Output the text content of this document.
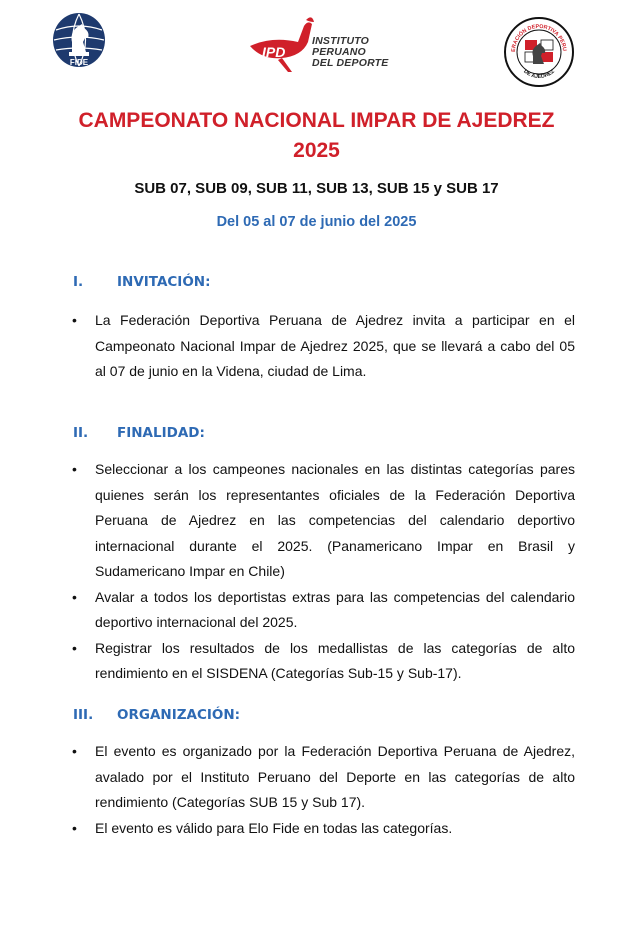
FIDE
IPD
INSTITUTO
PERUANO
DEL DEPORTE
ERACIÓN DEPORTIVA PERU
DE AJEDREZ
CAMPEONATO NACIONAL IMPAR DE AJEDREZ
2025
SUB 07, SUB 09, SUB 11, SUB 13, SUB 15 y SUB 17
Del 05 al 07 de junio del 2025
I.	INVITACIÓN:
• La Federación Deportiva Peruana de Ajedrez invita a participar en el Campeonato Nacional Impar de Ajedrez 2025, que se llevará a cabo del 05 al 07 de junio en la Videna, ciudad de Lima.
II. FINALIDAD:
• Seleccionar a los campeones nacionales en las distintas categorías pares quienes serán los representantes oficiales de la Federación Deportiva Peruana de Ajedrez en las competencias del calendario deportivo internacional durante el 2025. (Panamericano Impar en Brasil y Sudamericano Impar en Chile)
• Avalar a todos los deportistas extras para las competencias del calendario deportivo internacional del 2025.
• Registrar los resultados de los medallistas de las categorías de alto rendimiento en el SISDENA (Categorías Sub-15 y Sub-17).
III. ORGANIZACIÓN:
• El evento es organizado por la Federación Deportiva Peruana de Ajedrez, avalado por el Instituto Peruano del Deporte en las categorías de alto rendimiento (Categorías SUB 15 y Sub 17).
• El evento es válido para Elo Fide en todas las categorías.
